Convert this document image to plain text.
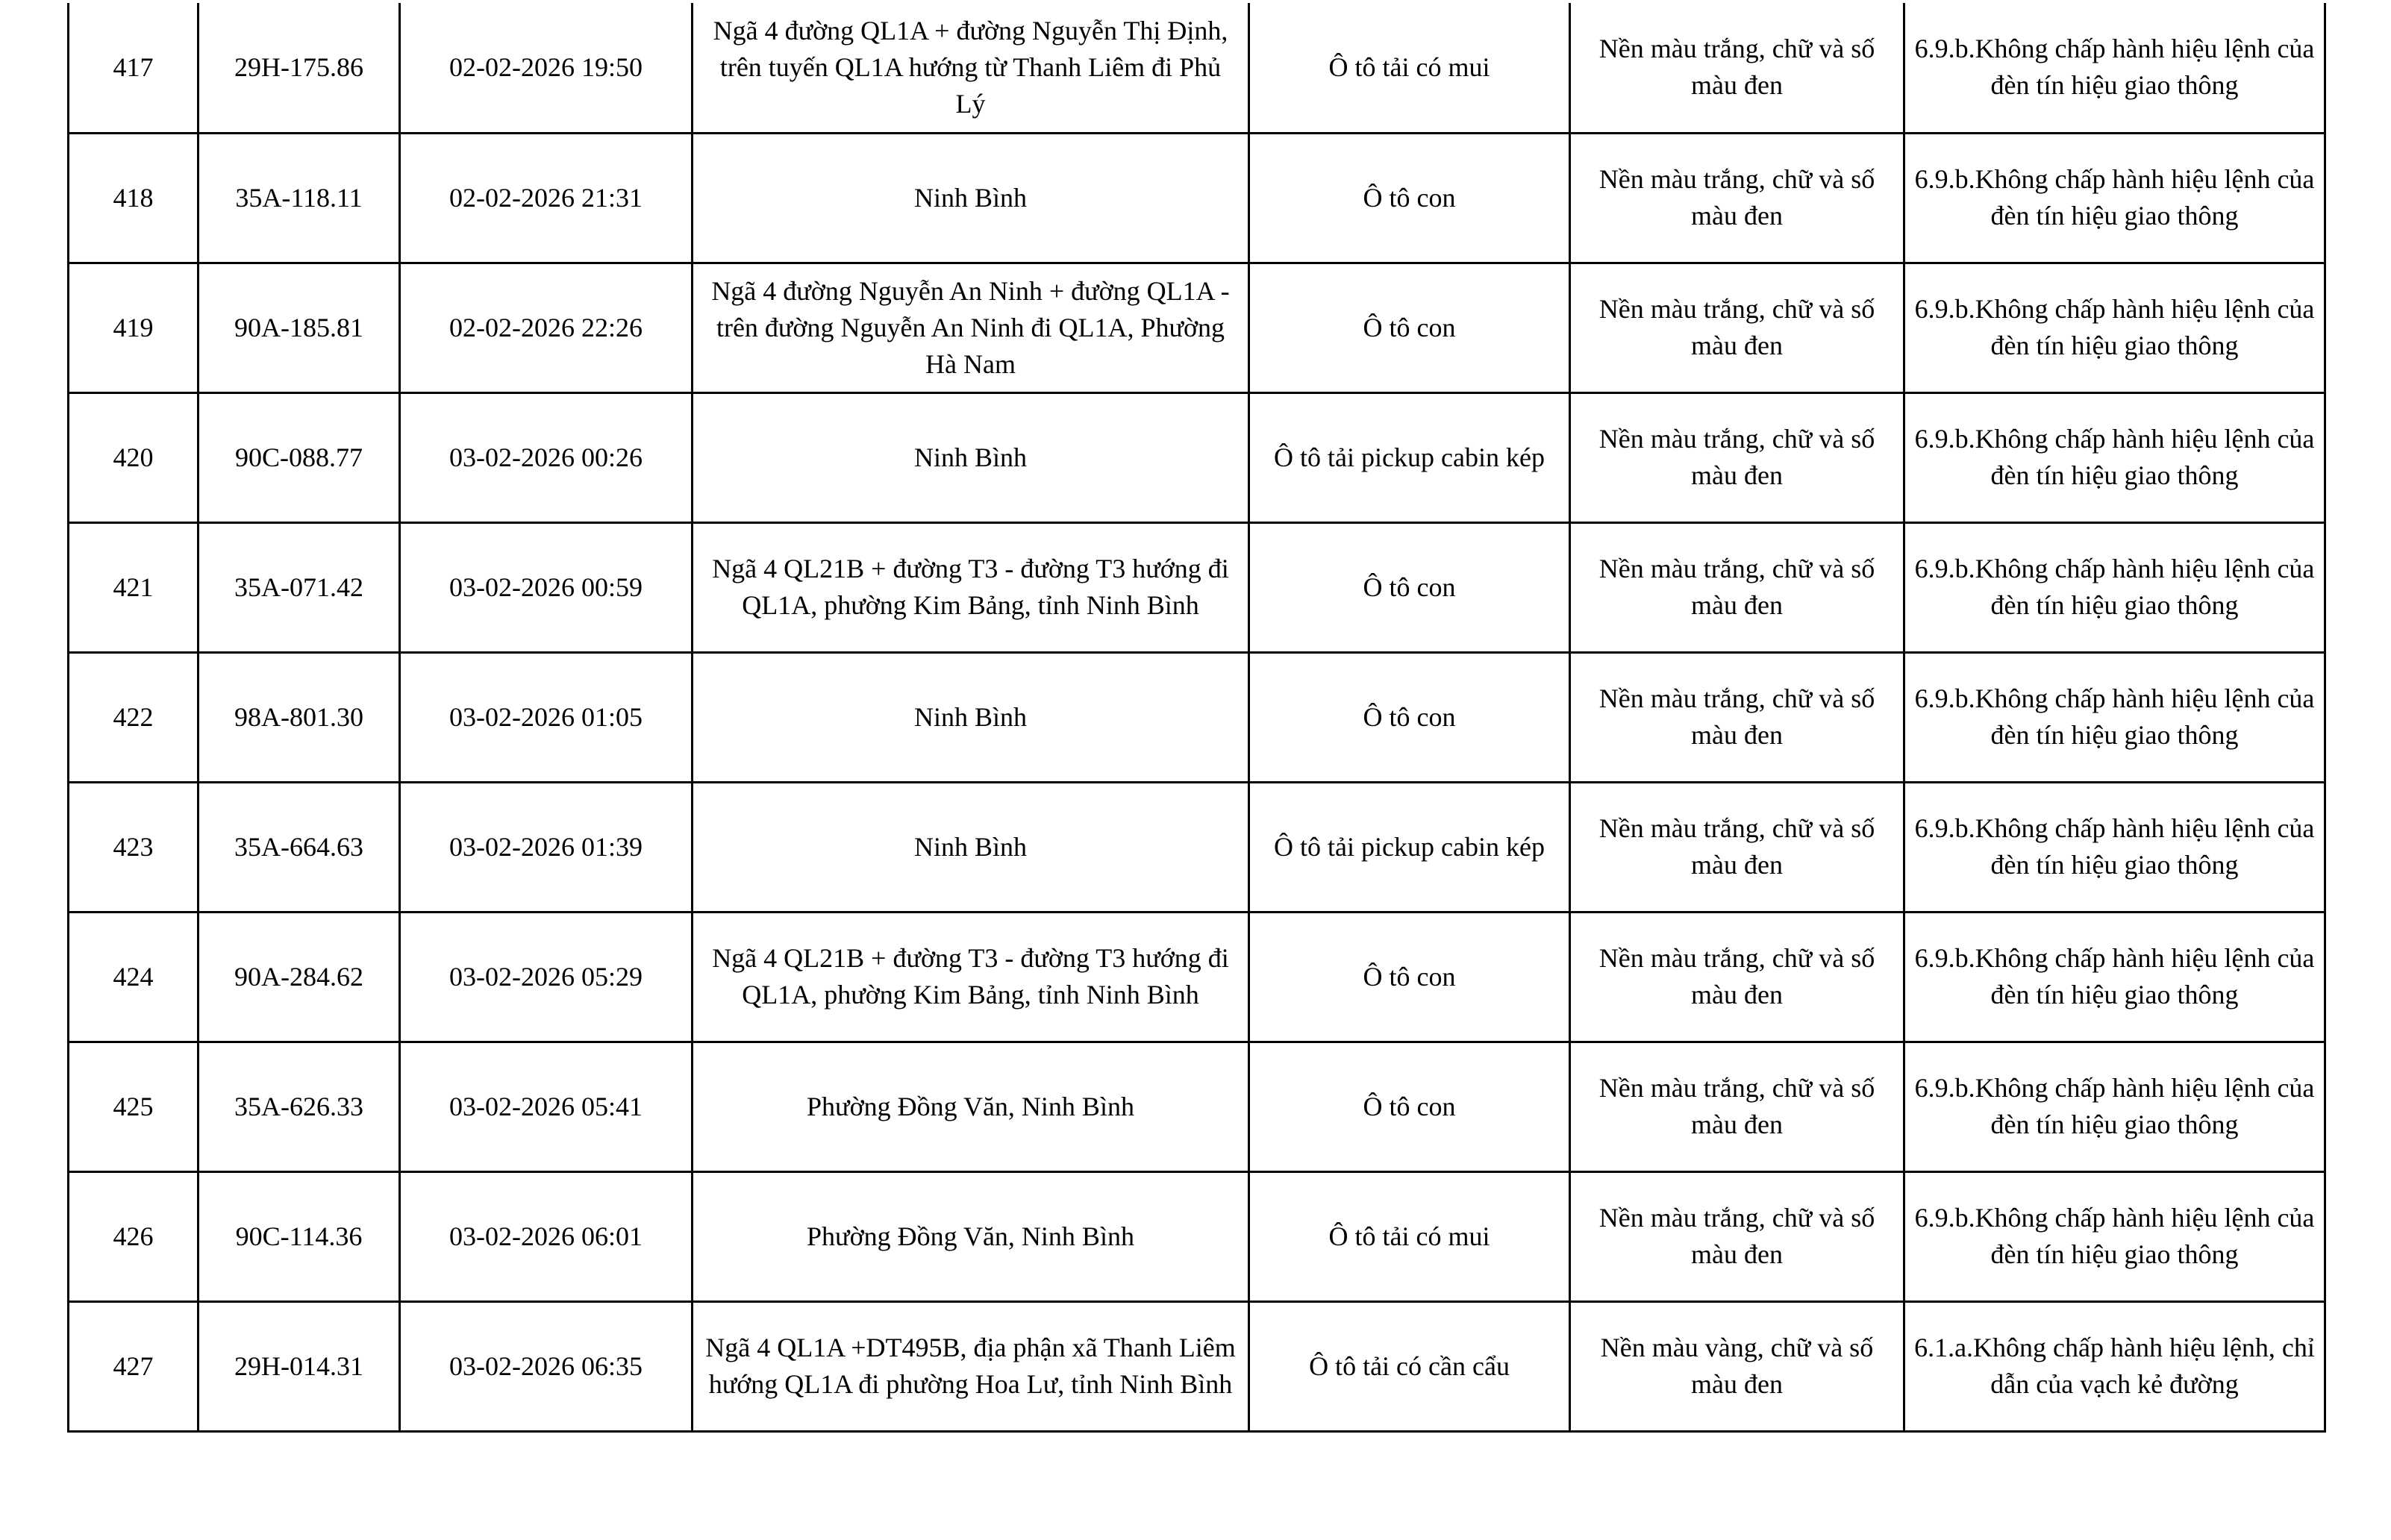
417	29H-175.86	02-02-2026 19:50	Ngã 4 đường QL1A + đường Nguyễn Thị Định, trên tuyến QL1A hướng từ Thanh Liêm đi Phủ Lý	Ô tô tải có mui	Nền màu trắng, chữ và số màu đen	6.9.b.Không chấp hành hiệu lệnh của đèn tín hiệu giao thông
418	35A-118.11	02-02-2026 21:31	Ninh Bình	Ô tô con	Nền màu trắng, chữ và số màu đen	6.9.b.Không chấp hành hiệu lệnh của đèn tín hiệu giao thông
419	90A-185.81	02-02-2026 22:26	Ngã 4 đường Nguyễn An Ninh + đường QL1A - trên đường Nguyễn An Ninh đi QL1A, Phường Hà Nam	Ô tô con	Nền màu trắng, chữ và số màu đen	6.9.b.Không chấp hành hiệu lệnh của đèn tín hiệu giao thông
420	90C-088.77	03-02-2026 00:26	Ninh Bình	Ô tô tải pickup cabin kép	Nền màu trắng, chữ và số màu đen	6.9.b.Không chấp hành hiệu lệnh của đèn tín hiệu giao thông
421	35A-071.42	03-02-2026 00:59	Ngã 4 QL21B + đường T3 - đường T3 hướng đi QL1A, phường Kim Bảng, tỉnh Ninh Bình	Ô tô con	Nền màu trắng, chữ và số màu đen	6.9.b.Không chấp hành hiệu lệnh của đèn tín hiệu giao thông
422	98A-801.30	03-02-2026 01:05	Ninh Bình	Ô tô con	Nền màu trắng, chữ và số màu đen	6.9.b.Không chấp hành hiệu lệnh của đèn tín hiệu giao thông
423	35A-664.63	03-02-2026 01:39	Ninh Bình	Ô tô tải pickup cabin kép	Nền màu trắng, chữ và số màu đen	6.9.b.Không chấp hành hiệu lệnh của đèn tín hiệu giao thông
424	90A-284.62	03-02-2026 05:29	Ngã 4 QL21B + đường T3 - đường T3 hướng đi QL1A, phường Kim Bảng, tỉnh Ninh Bình	Ô tô con	Nền màu trắng, chữ và số màu đen	6.9.b.Không chấp hành hiệu lệnh của đèn tín hiệu giao thông
425	35A-626.33	03-02-2026 05:41	Phường Đồng Văn, Ninh Bình	Ô tô con	Nền màu trắng, chữ và số màu đen	6.9.b.Không chấp hành hiệu lệnh của đèn tín hiệu giao thông
426	90C-114.36	03-02-2026 06:01	Phường Đồng Văn, Ninh Bình	Ô tô tải có mui	Nền màu trắng, chữ và số màu đen	6.9.b.Không chấp hành hiệu lệnh của đèn tín hiệu giao thông
427	29H-014.31	03-02-2026 06:35	Ngã 4 QL1A +DT495B, địa phận xã Thanh Liêm hướng QL1A đi phường Hoa Lư, tỉnh Ninh Bình	Ô tô tải có cần cẩu	Nền màu vàng, chữ và số màu đen	6.1.a.Không chấp hành hiệu lệnh, chỉ dẫn của vạch kẻ đường
